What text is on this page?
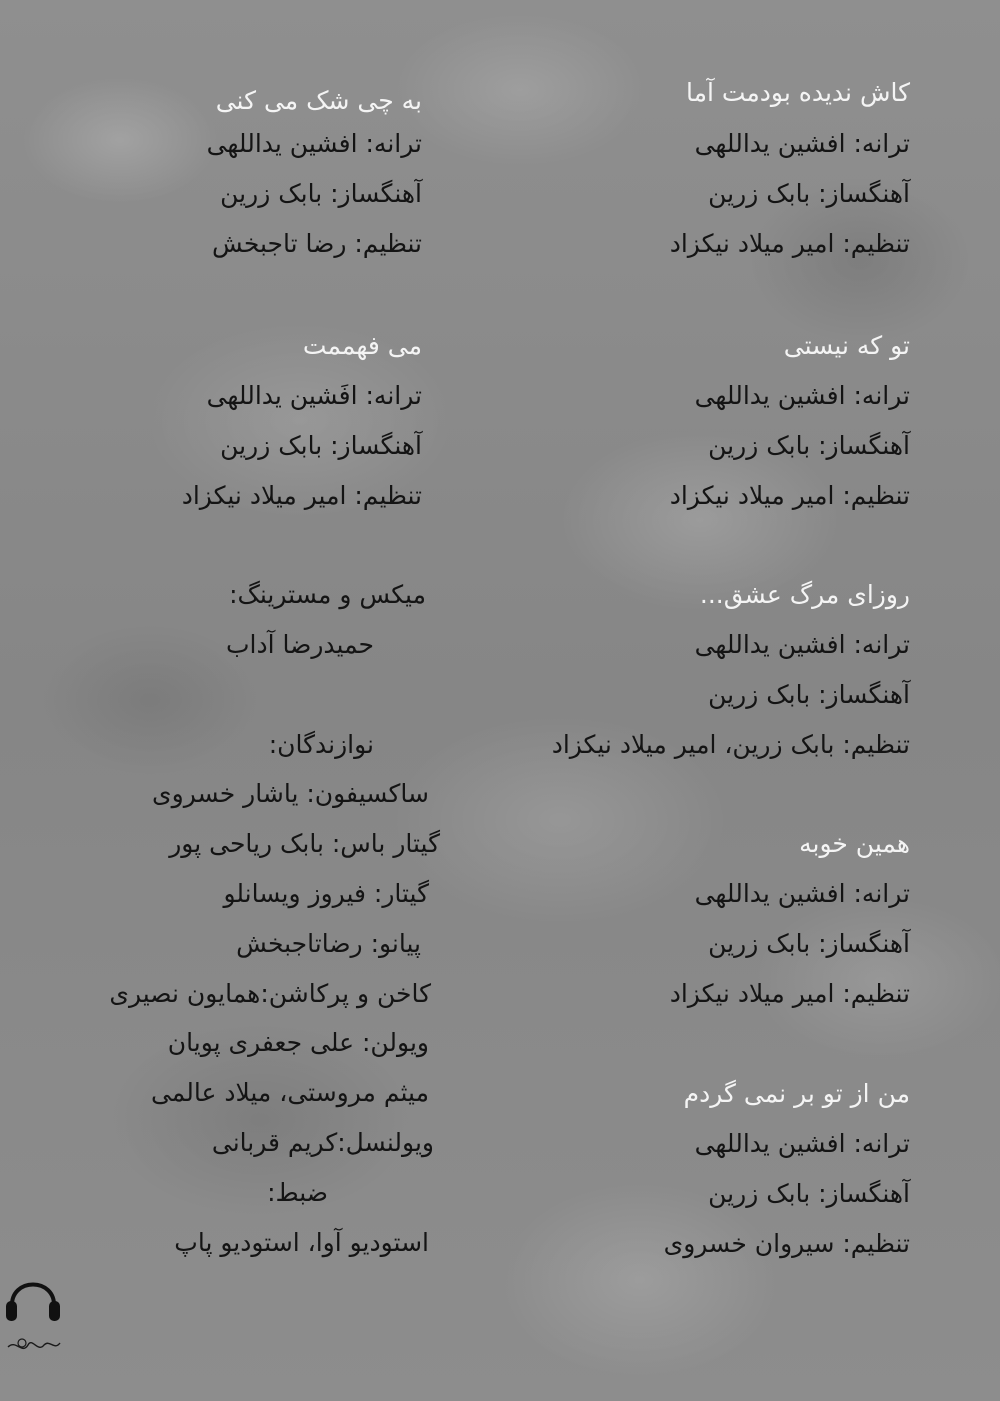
کاش ندیده بودمت آما
ترانه: افشین یداللهی
آهنگساز: بابک زرین
تنظیم: امیر میلاد نیکزاد
تو که نیستی
ترانه: افشین یداللهی
آهنگساز: بابک زرین
تنظیم: امیر میلاد نیکزاد
روزای مرگ عشق...
ترانه: افشین یداللهی
آهنگساز: بابک زرین
تنظیم: بابک زرین، امیر میلاد نیکزاد
همین خوبه
ترانه: افشین یداللهی
آهنگساز: بابک زرین
تنظیم: امیر میلاد نیکزاد
من از تو بر نمی گردم
ترانه: افشین یداللهی
آهنگساز: بابک زرین
تنظیم: سیروان خسروی
به چی شک می کنی
ترانه: افشین یداللهی
آهنگساز: بابک زرین
تنظیم: رضا تاجبخش
می فهممت
ترانه: افَشین یداللهی
آهنگساز: بابک زرین
تنظیم: امیر میلاد نیکزاد
میکس و مسترینگ:
حمیدرضا آداب
نوازندگان:
ساکسیفون: یاشار خسروی
گیتار باس: بابک ریاحی پور
گیتار: فیروز ویسانلو
پیانو: رضاتاجبخش
کاخن و پرکاشن:همایون نصیری
ویولن: علی جعفری پویان
میثم مروستی، میلاد عالمی
ویولنسل:کریم قربانی
ضبط:
استودیو آوا، استودیو پاپ
